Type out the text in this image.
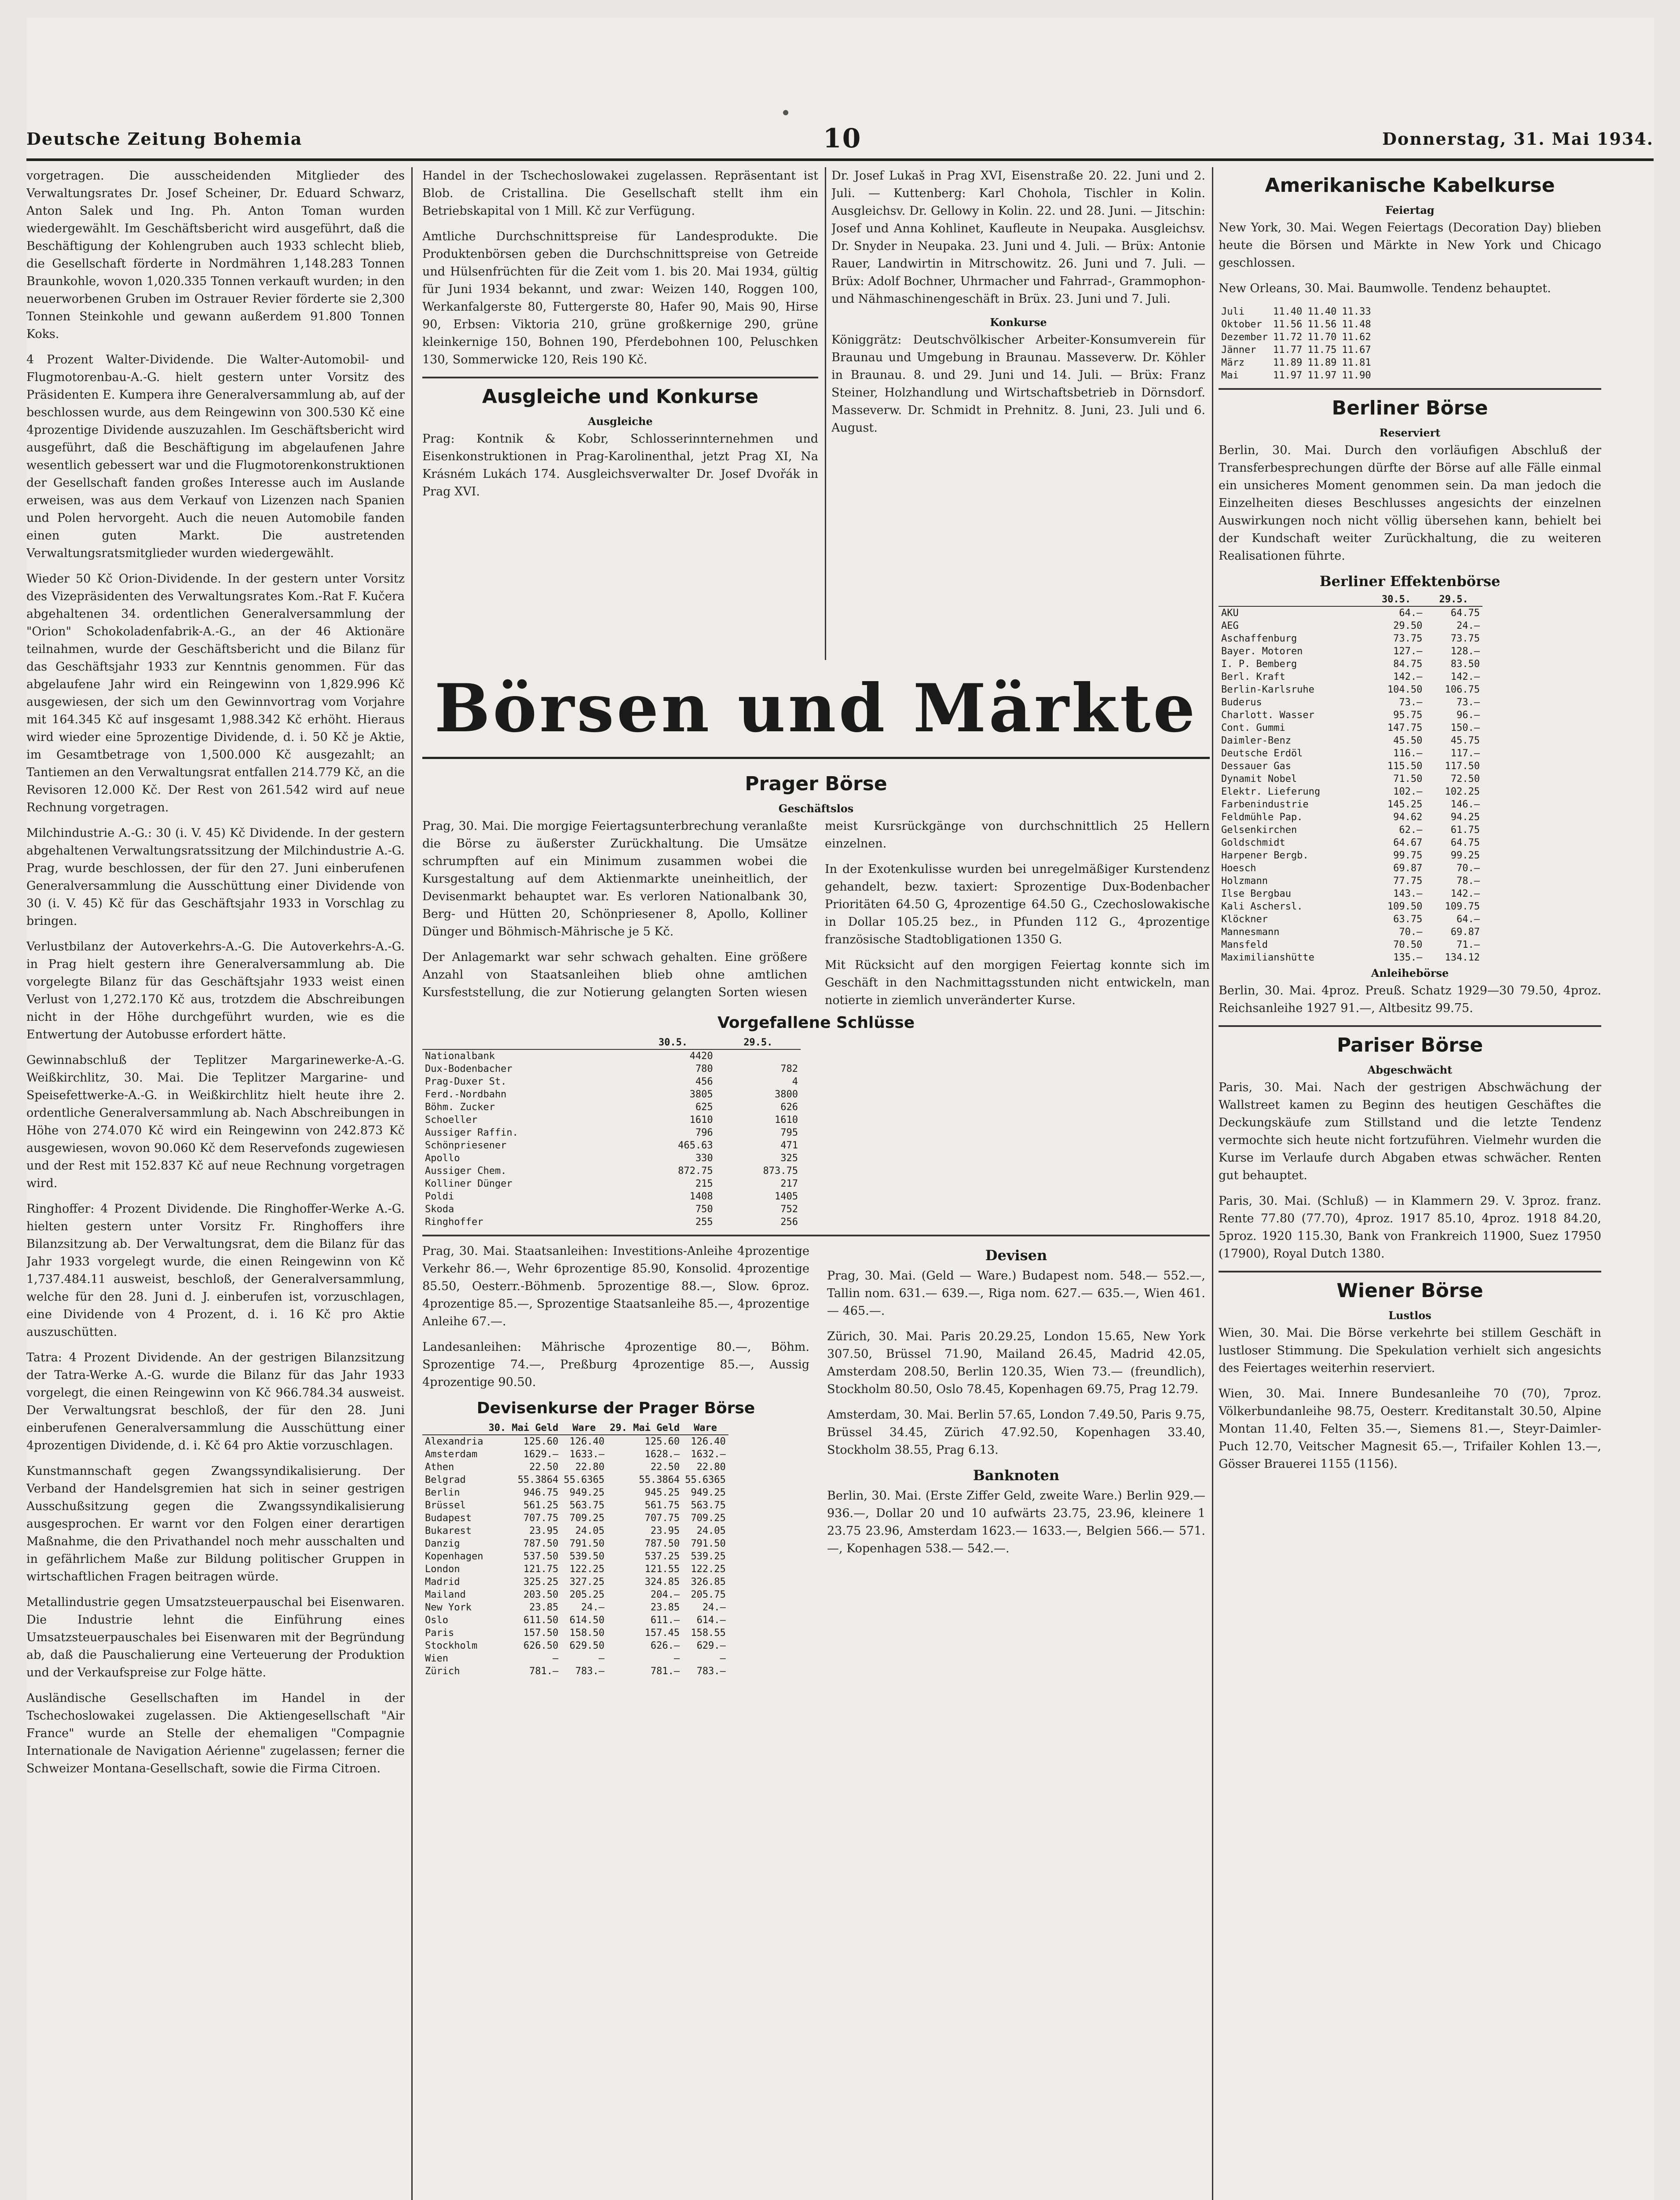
Deutsche Zeitung Bohemia	10	Donnerstag, 31. Mai 1934.

vorgetragen. Die ausscheidenden Mitglieder des Verwaltungsrates Dr. Josef Scheiner, Dr. Eduard Schwarz, Anton Salek und Ing. Ph. Anton Toman wurden wiedergewählt. Im Geschäftsbericht wird ausgeführt, daß die Beschäftigung der Kohlengruben auch 1933 schlecht blieb, die Gesellschaft förderte in Nordmähren 1,148.283 Tonnen Braunkohle, wovon 1,020.335 Tonnen verkauft wurden; in den neuerworbenen Gruben im Ostrauer Revier förderte sie 2,300 Tonnen Steinkohle und gewann außerdem 91.800 Tonnen Koks.

4 Prozent Walter-Dividende. Die Walter-Automobil- und Flugmotorenbau-A.-G. hielt gestern unter Vorsitz des Präsidenten E. Kumpera ihre Generalversammlung ab, auf der beschlossen wurde, aus dem Reingewinn von 300.530 Kč eine 4prozentige Dividende auszuzahlen. Im Geschäftsbericht wird ausgeführt, daß die Beschäftigung im abgelaufenen Jahre wesentlich gebessert war und die Flugmotorenkonstruktionen der Gesellschaft fanden großes Interesse auch im Auslande erweisen, was aus dem Verkauf von Lizenzen nach Spanien und Polen hervorgeht. Auch die neuen Automobile fanden einen guten Markt. Die austretenden Verwaltungsratsmitglieder wurden wiedergewählt.

Wieder 50 Kč Orion-Dividende. In der gestern unter Vorsitz des Vizepräsidenten des Verwaltungsrates Kom.-Rat F. Kučera abgehaltenen 34. ordentlichen Generalversammlung der "Orion" Schokoladenfabrik-A.-G., an der 46 Aktionäre teilnahmen, wurde der Geschäftsbericht und die Bilanz für das Geschäftsjahr 1933 zur Kenntnis genommen. Für das abgelaufene Jahr wird ein Reingewinn von 1,829.996 Kč ausgewiesen, der sich um den Gewinnvortrag vom Vorjahre mit 164.345 Kč auf insgesamt 1,988.342 Kč erhöht. Hieraus wird wieder eine 5prozentige Dividende, d. i. 50 Kč je Aktie, im Gesamtbetrage von 1,500.000 Kč ausgezahlt; an Tantiemen an den Verwaltungsrat entfallen 214.779 Kč, an die Revisoren 12.000 Kč. Der Rest von 261.542 wird auf neue Rechnung vorgetragen.

Milchindustrie A.-G.: 30 (i. V. 45) Kč Dividende. In der gestern abgehaltenen Verwaltungsratssitzung der Milchindustrie A.-G. Prag, wurde beschlossen, der für den 27. Juni einberufenen Generalversammlung die Ausschüttung einer Dividende von 30 (i. V. 45) Kč für das Geschäftsjahr 1933 in Vorschlag zu bringen.

Verlustbilanz der Autoverkehrs-A.-G. Die Autoverkehrs-A.-G. in Prag hielt gestern ihre Generalversammlung ab. Die vorgelegte Bilanz für das Geschäftsjahr 1933 weist einen Verlust von 1,272.170 Kč aus, trotzdem die Abschreibungen nicht in der Höhe durchgeführt wurden, wie es die Entwertung der Autobusse erfordert hätte.

Gewinnabschluß der Teplitzer Margarinewerke-A.-G. Weißkirchlitz, 30. Mai. Die Teplitzer Margarine- und Speisefettwerke-A.-G. in Weißkirchlitz hielt heute ihre 2. ordentliche Generalversammlung ab. Nach Abschreibungen in Höhe von 274.070 Kč wird ein Reingewinn von 242.873 Kč ausgewiesen, wovon 90.060 Kč dem Reservefonds zugewiesen und der Rest mit 152.837 Kč auf neue Rechnung vorgetragen wird.

Ringhoffer: 4 Prozent Dividende. Die Ringhoffer-Werke A.-G. hielten gestern unter Vorsitz Fr. Ringhoffers ihre Bilanzsitzung ab. Der Verwaltungsrat, dem die Bilanz für das Jahr 1933 vorgelegt wurde, die einen Reingewinn von Kč 1,737.484.11 ausweist, beschloß, der Generalversammlung, welche für den 28. Juni d. J. einberufen ist, vorzuschlagen, eine Dividende von 4 Prozent, d. i. 16 Kč pro Aktie auszuschütten.

Tatra: 4 Prozent Dividende. An der gestrigen Bilanzsitzung der Tatra-Werke A.-G. wurde die Bilanz für das Jahr 1933 vorgelegt, die einen Reingewinn von Kč 966.784.34 ausweist. Der Verwaltungsrat beschloß, der für den 28. Juni einberufenen Generalversammlung die Ausschüttung einer 4prozentigen Dividende, d. i. Kč 64 pro Aktie vorzuschlagen.

Kunstmannschaft gegen Zwangssyndikalisierung. Der Verband der Handelsgremien hat sich in seiner gestrigen Ausschußsitzung gegen die Zwangssyndikalisierung ausgesprochen. Er warnt vor den Folgen einer derartigen Maßnahme, die den Privathandel noch mehr ausschalten und in gefährlichem Maße zur Bildung politischer Gruppen in wirtschaftlichen Fragen beitragen würde.

Metallindustrie gegen Umsatzsteuerpauschal bei Eisenwaren. Die Industrie lehnt die Einführung eines Umsatzsteuerpauschales bei Eisenwaren mit der Begründung ab, daß die Pauschalierung eine Verteuerung der Produktion und der Verkaufspreise zur Folge hätte.

Ausländische Gesellschaften im Handel in der Tschechoslowakei zugelassen. Die Aktiengesellschaft "Air France" wurde an Stelle der ehemaligen "Compagnie Internationale de Navigation Aérienne" zugelassen; ferner die Schweizer Montana-Gesellschaft, sowie die Firma Citroen.

Handel in der Tschechoslowakei zugelassen. Repräsentant ist Blob. de Cristallina. Die Gesellschaft stellt ihm ein Betriebskapital von 1 Mill. Kč zur Verfügung.

Amtliche Durchschnittspreise für Landesprodukte. Die Produktenbörsen geben die Durchschnittspreise von Getreide und Hülsenfrüchten für die Zeit vom 1. bis 20. Mai 1934, gültig für Juni 1934 bekannt, und zwar: Weizen 140, Roggen 100, Werkanfalgerste 80, Futtergerste 80, Hafer 90, Mais 90, Hirse 90, Erbsen: Viktoria 210, grüne großkernige 290, grüne kleinkernige 150, Bohnen 190, Pferdebohnen 100, Peluschken 130, Sommerwicke 120, Reis 190 Kč.

Ausgleiche und Konkurse
Ausgleiche

Prag: Kontnik & Kobr, Schlosserinnternehmen und Eisenkonstruktionen in Prag-Karolinenthal, jetzt Prag XI, Na Krásném Lukách 174. Ausgleichsverwalter Dr. Josef Dvořák in Prag XVI.

Dr. Josef Lukaš in Prag XVI, Eisenstraße 20. 22. Juni und 2. Juli. — Kuttenberg: Karl Chohola, Tischler in Kolin. Ausgleichsv. Dr. Gellowy in Kolin. 22. und 28. Juni. — Jitschin: Josef und Anna Kohlinet, Kaufleute in Neupaka. Ausgleichsv. Dr. Snyder in Neupaka. 23. Juni und 4. Juli. — Brüx: Antonie Rauer, Landwirtin in Mitrschowitz. 26. Juni und 7. Juli. — Brüx: Adolf Bochner, Uhrmacher und Fahrrad-, Grammophon- und Nähmaschinengeschäft in Brüx. 23. Juni und 7. Juli.

Konkurse

Königgrätz: Deutschvölkischer Arbeiter-Konsumverein für Braunau und Umgebung in Braunau. Masseverw. Dr. Köhler in Braunau. 8. und 29. Juni und 14. Juli. — Brüx: Franz Steiner, Holzhandlung und Wirtschaftsbetrieb in Dörnsdorf. Masseverw. Dr. Schmidt in Prehnitz. 8. Juni, 23. Juli und 6. August.

Börsen und Märkte
Prager Börse
Geschäftslos

Prag, 30. Mai. Die morgige Feiertagsunterbrechung veranlaßte die Börse zu äußerster Zurückhaltung. Die Umsätze schrumpften auf ein Minimum zusammen wobei die Kursgestaltung auf dem Aktienmarkte uneinheitlich, der Devisenmarkt behauptet war. Es verloren Nationalbank 30, Berg- und Hütten 20, Schönpriesener 8, Apollo, Kolliner Dünger und Böhmisch-Mährische je 5 Kč.

Der Anlagemarkt war sehr schwach gehalten. Eine größere Anzahl von Staatsanleihen blieb ohne amtlichen Kursfeststellung, die zur Notierung gelangten Sorten wiesen meist Kursrückgänge von durchschnittlich 25 Hellern einzelnen.

In der Exotenkulisse wurden bei unregelmäßiger Kurstendenz gehandelt, bezw. taxiert: Sprozentige Dux-Bodenbacher Prioritäten 64.50 G, 4prozentige 64.50 G., Czechoslowakische in Dollar 105.25 bez., in Pfunden 112 G., 4prozentige französische Stadtobligationen 1350 G.

Mit Rücksicht auf den morgigen Feiertag konnte sich im Geschäft in den Nachmittagsstunden nicht entwickeln, man notierte in ziemlich unveränderter Kurse.

Vorgefallene Schlüsse
	30.5.	29.5.
Nationalbank	4420	
Dux-Bodenbacher	780	782
Prag-Duxer St.	456	4
Ferd.-Nordbahn	3805	3800
Böhm. Zucker	625	626
Schoeller	1610	1610
Aussiger Raffin.	796	795
Schönpriesener	465.63	471
Apollo	330	325
Aussiger Chem.	872.75	873.75
Kolliner Dünger	215	217
Poldi	1408	1405
Skoda	750	752
Ringhoffer	255	256

Prag, 30. Mai. Staatsanleihen: Investitions-Anleihe 4prozentige Verkehr 86.—, Wehr 6prozentige 85.90, Konsolid. 4prozentige 85.50, Oesterr.-Böhmenb. 5prozentige 88.—, Slow. 6proz. 4prozentige 85.—, Sprozentige Staatsanleihe 85.—, 4prozentige Anleihe 67.—.

Landesanleihen: Mährische 4prozentige 80.—, Böhm. Sprozentige 74.—, Preßburg 4prozentige 85.—, Aussig 4prozentige 90.50.

Devisenkurse der Prager Börse
	30. Mai Geld	Ware	29. Mai Geld	Ware
Alexandria	125.60	126.40	125.60	126.40
Amsterdam	1629.—	1633.—	1628.—	1632.—
Athen	22.50	22.80	22.50	22.80
Belgrad	55.3864	55.6365	55.3864	55.6365
Berlin	946.75	949.25	945.25	949.25
Brüssel	561.25	563.75	561.75	563.75
Budapest	707.75	709.25	707.75	709.25
Bukarest	23.95	24.05	23.95	24.05
Danzig	787.50	791.50	787.50	791.50
Kopenhagen	537.50	539.50	537.25	539.25
London	121.75	122.25	121.55	122.25
Madrid	325.25	327.25	324.85	326.85
Mailand	203.50	205.25	204.—	205.75
New York	23.85	24.—	23.85	24.—
Oslo	611.50	614.50	611.—	614.—
Paris	157.50	158.50	157.45	158.55
Stockholm	626.50	629.50	626.—	629.—
Wien	—	—	—	—
Zürich	781.—	783.—	781.—	783.—
Devisen

Prag, 30. Mai. (Geld — Ware.) Budapest nom. 548.— 552.—, Tallin nom. 631.— 639.—, Riga nom. 627.— 635.—, Wien 461.— 465.—.

Zürich, 30. Mai. Paris 20.29.25, London 15.65, New York 307.50, Brüssel 71.90, Mailand 26.45, Madrid 42.05, Amsterdam 208.50, Berlin 120.35, Wien 73.— (freundlich), Stockholm 80.50, Oslo 78.45, Kopenhagen 69.75, Prag 12.79.

Amsterdam, 30. Mai. Berlin 57.65, London 7.49.50, Paris 9.75, Brüssel 34.45, Zürich 47.92.50, Kopenhagen 33.40, Stockholm 38.55, Prag 6.13.

Banknoten

Berlin, 30. Mai. (Erste Ziffer Geld, zweite Ware.) Berlin 929.— 936.—, Dollar 20 und 10 aufwärts 23.75, 23.96, kleinere 1 23.75 23.96, Amsterdam 1623.— 1633.—, Belgien 566.— 571.—, Kopenhagen 538.— 542.—.

Amerikanische Kabelkurse
Feiertag

New York, 30. Mai. Wegen Feiertags (Decoration Day) blieben heute die Börsen und Märkte in New York und Chicago geschlossen.

New Orleans, 30. Mai. Baumwolle. Tendenz behauptet.

Juli	11.40	11.40	11.33
Oktober	11.56	11.56	11.48
Dezember	11.72	11.70	11.62
Jänner	11.77	11.75	11.67
März	11.89	11.89	11.81
Mai	11.97	11.97	11.90
Berliner Börse
Reserviert

Berlin, 30. Mai. Durch den vorläufigen Abschluß der Transferbesprechungen dürfte der Börse auf alle Fälle einmal ein unsicheres Moment genommen sein. Da man jedoch die Einzelheiten dieses Beschlusses angesichts der einzelnen Auswirkungen noch nicht völlig übersehen kann, behielt bei der Kundschaft weiter Zurückhaltung, die zu weiteren Realisationen führte.

Berliner Effektenbörse
	30.5.	29.5.
AKU	64.—	64.75
AEG	29.50	24.—
Aschaffenburg	73.75	73.75
Bayer. Motoren	127.—	128.—
I. P. Bemberg	84.75	83.50
Berl. Kraft	142.—	142.—
Berlin-Karlsruhe	104.50	106.75
Buderus	73.—	73.—
Charlott. Wasser	95.75	96.—
Cont. Gummi	147.75	150.—
Daimler-Benz	45.50	45.75
Deutsche Erdöl	116.—	117.—
Dessauer Gas	115.50	117.50
Dynamit Nobel	71.50	72.50
Elektr. Lieferung	102.—	102.25
Farbenindustrie	145.25	146.—
Feldmühle Pap.	94.62	94.25
Gelsenkirchen	62.—	61.75
Goldschmidt	64.67	64.75
Harpener Bergb.	99.75	99.25
Hoesch	69.87	70.—
Holzmann	77.75	78.—
Ilse Bergbau	143.—	142.—
Kali Aschersl.	109.50	109.75
Klöckner	63.75	64.—
Mannesmann	70.—	69.87
Mansfeld	70.50	71.—
Maximilianshütte	135.—	134.12
Anleihebörse

Berlin, 30. Mai. 4proz. Preuß. Schatz 1929—30 79.50, 4proz. Reichsanleihe 1927 91.—, Altbesitz 99.75.

Pariser Börse
Abgeschwächt

Paris, 30. Mai. Nach der gestrigen Abschwächung der Wallstreet kamen zu Beginn des heutigen Geschäftes die Deckungskäufe zum Stillstand und die letzte Tendenz vermochte sich heute nicht fortzuführen. Vielmehr wurden die Kurse im Verlaufe durch Abgaben etwas schwächer. Renten gut behauptet.

Paris, 30. Mai. (Schluß) — in Klammern 29. V. 3proz. franz. Rente 77.80 (77.70), 4proz. 1917 85.10, 4proz. 1918 84.20, 5proz. 1920 115.30, Bank von Frankreich 11900, Suez 17950 (17900), Royal Dutch 1380.

Wiener Börse
Lustlos

Wien, 30. Mai. Die Börse verkehrte bei stillem Geschäft in lustloser Stimmung. Die Spekulation verhielt sich angesichts des Feiertages weiterhin reserviert.

Wien, 30. Mai. Innere Bundesanleihe 70 (70), 7proz. Völkerbundanleihe 98.75, Oesterr. Kreditanstalt 30.50, Alpine Montan 11.40, Felten 35.—, Siemens 81.—, Steyr-Daimler-Puch 12.70, Veitscher Magnesit 65.—, Trifailer Kohlen 13.—, Gösser Brauerei 1155 (1156).
